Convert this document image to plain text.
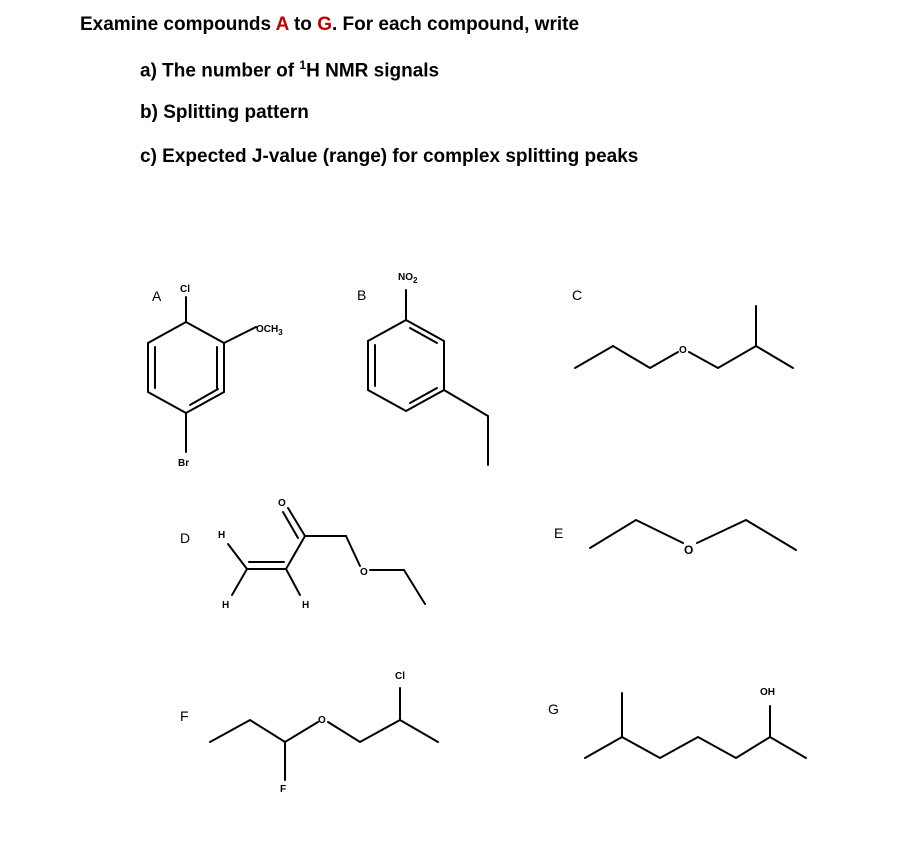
Examine compounds A to G. For each compound, write
a) The number of $^1$H NMR signals
b) Splitting pattern
c) Expected J-value (range) for complex splitting peaks
A Cl
Br
$OCH_3$
B
$NO_2$
C
O
D	H
H	H
O
O
E
O
F	O
Cl
F
G
OH
